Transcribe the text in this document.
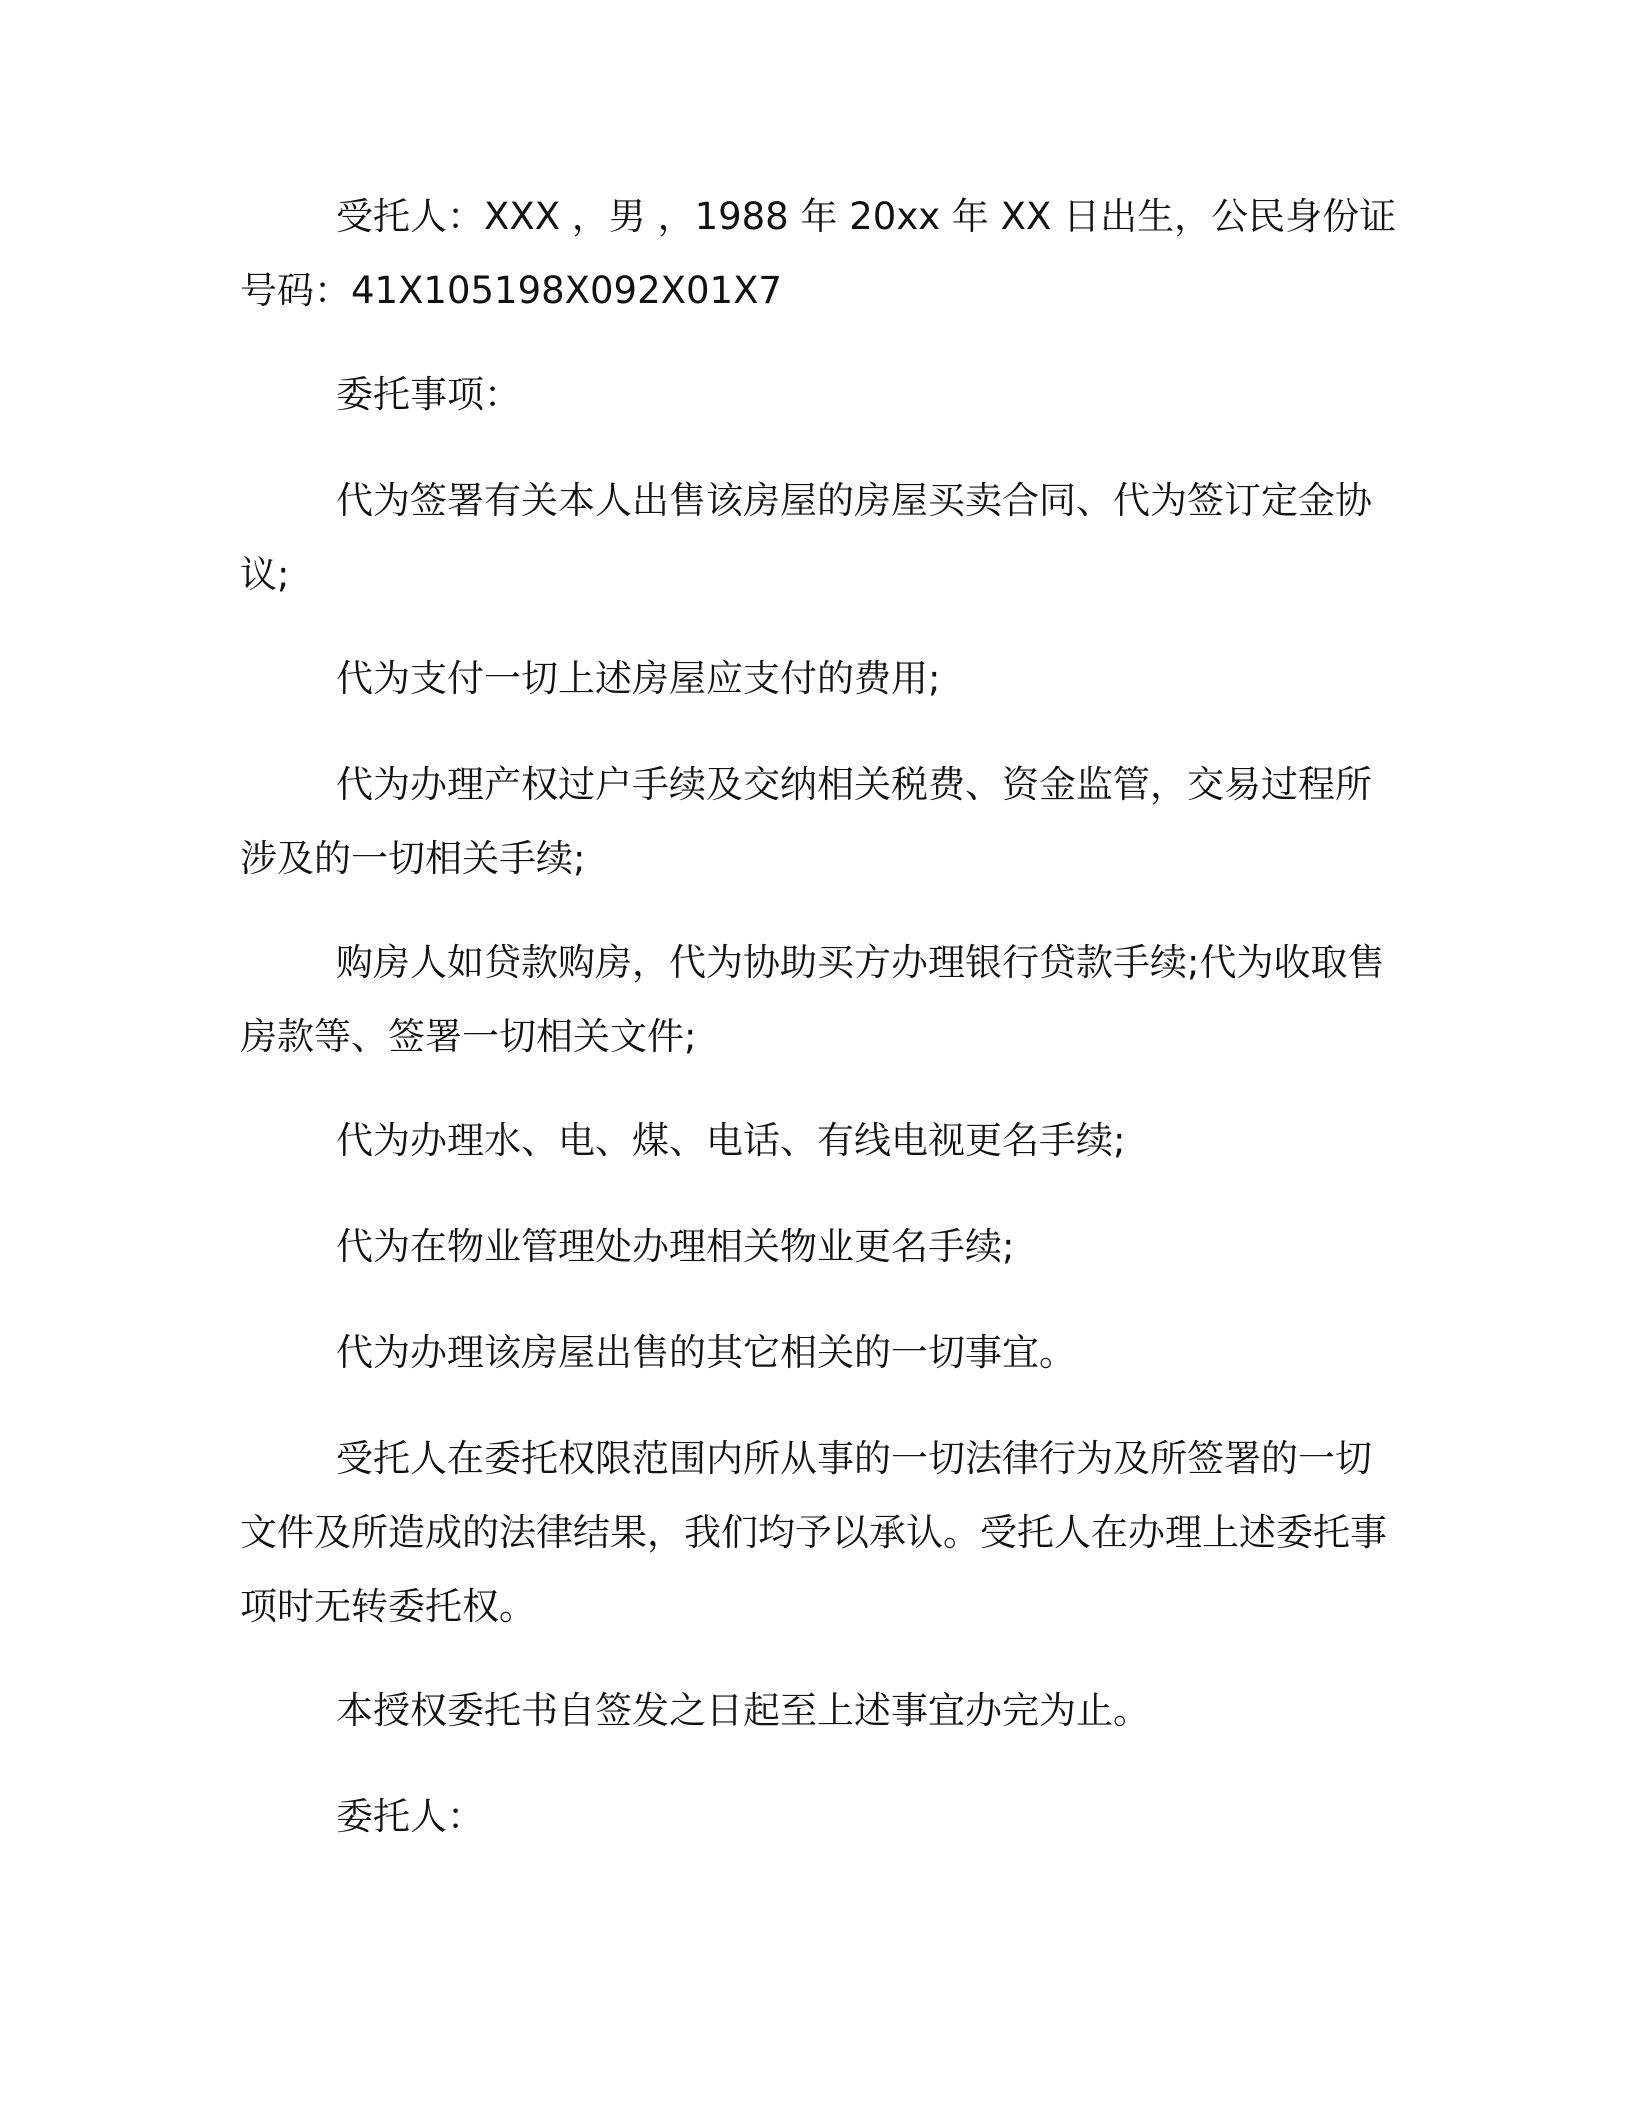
受托人：XXX ，男 ，1988 年 20xx 年 XX 日出生，公民身份证号码：41X105198X092X01X7

委托事项：

代为签署有关本人出售该房屋的房屋买卖合同、代为签订定金协议;

代为支付一切上述房屋应支付的费用;

代为办理产权过户手续及交纳相关税费、资金监管，交易过程所涉及的一切相关手续;

购房人如贷款购房，代为协助买方办理银行贷款手续;代为收取售房款等、签署一切相关文件;

代为办理水、电、煤、电话、有线电视更名手续;

代为在物业管理处办理相关物业更名手续;

代为办理该房屋出售的其它相关的一切事宜。

受托人在委托权限范围内所从事的一切法律行为及所签署的一切文件及所造成的法律结果，我们均予以承认。受托人在办理上述委托事项时无转委托权。

本授权委托书自签发之日起至上述事宜办完为止。

委托人：
